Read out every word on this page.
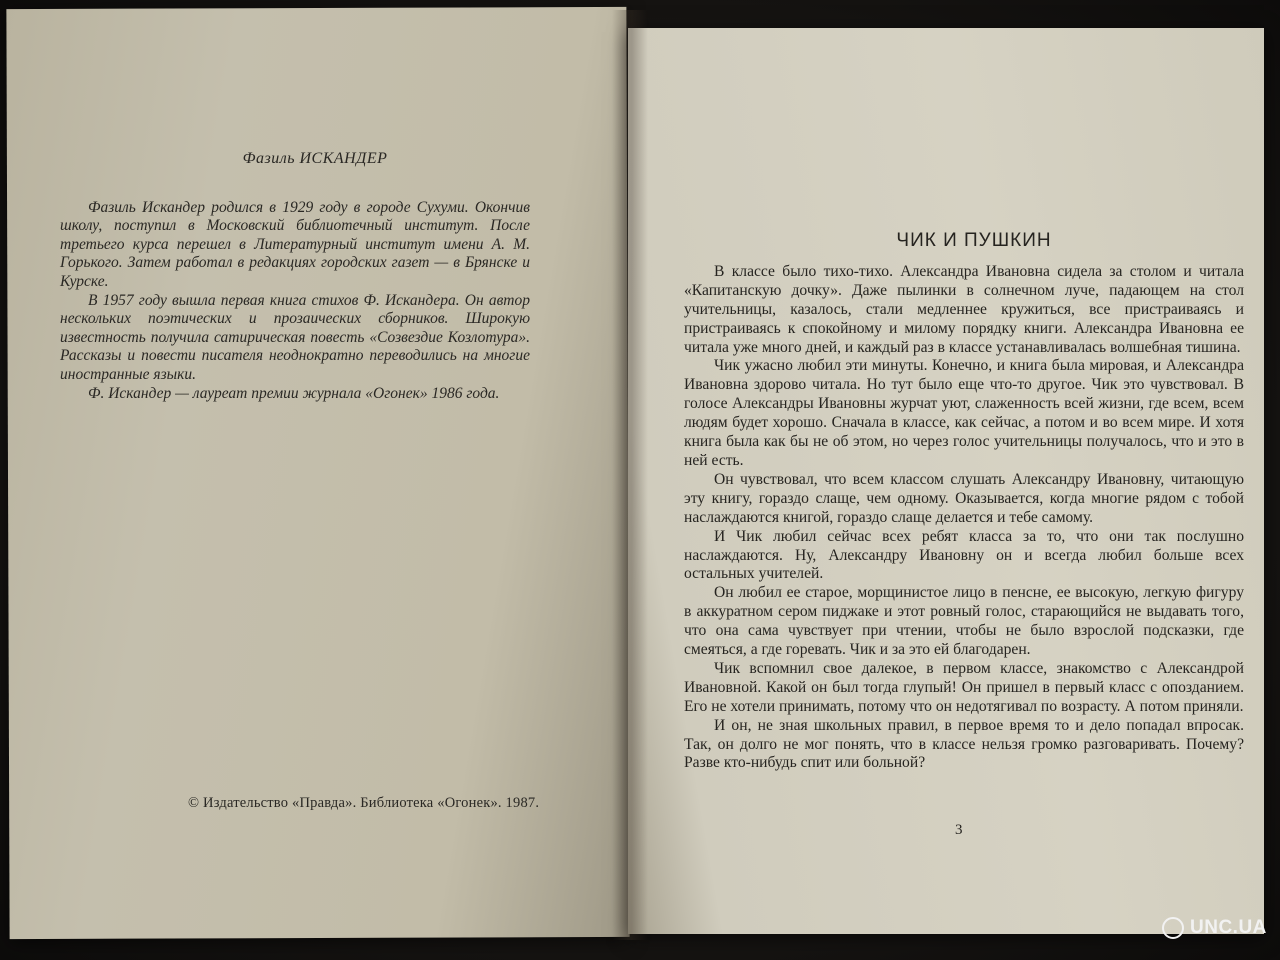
Фазиль ИСКАНДЕР

Фазиль Искандер родился в 1929 году в городе Сухуми. Окончив школу, поступил в Московский библиотечный институт. После третьего курса перешел в Литературный институт имени А. М. Горького. Затем работал в редакциях городских газет — в Брянске и Курске.

В 1957 году вышла первая книга стихов Ф. Искандера. Он автор нескольких поэтических и прозаических сборников. Широкую известность получила сатирическая повесть «Созвездие Козлотура». Рассказы и повести писателя неоднократно переводились на многие иностранные языки.

Ф. Искандер — лауреат премии журнала «Огонек» 1986 года.

© Издательство «Правда». Библиотека «Огонек». 1987.
ЧИК И ПУШКИН

В классе было тихо-тихо. Александра Ивановна сидела за столом и читала «Капитанскую дочку». Даже пылинки в солнечном луче, падающем на стол учительницы, казалось, стали медленнее кружиться, все пристраиваясь и пристраиваясь к спокойному и милому порядку книги. Александра Ивановна ее читала уже много дней, и каждый раз в классе устанавливалась волшебная тишина.

Чик ужасно любил эти минуты. Конечно, и книга была мировая, и Александра Ивановна здорово читала. Но тут было еще что-то другое. Чик это чувствовал. В голосе Александры Ивановны журчат уют, слаженность всей жизни, где всем, всем людям будет хорошо. Сначала в классе, как сейчас, а потом и во всем мире. И хотя книга была как бы не об этом, но через голос учительницы получалось, что и это в ней есть.

Он чувствовал, что всем классом слушать Александру Ивановну, читающую эту книгу, гораздо слаще, чем одному. Оказывается, когда многие рядом с тобой наслаждаются книгой, гораздо слаще делается и тебе самому.

И Чик любил сейчас всех ребят класса за то, что они так послушно наслаждаются. Ну, Александру Ивановну он и всегда любил больше всех остальных учителей.

Он любил ее старое, морщинистое лицо в пенсне, ее высокую, легкую фигуру в аккуратном сером пиджаке и этот ровный голос, старающийся не выдавать того, что она сама чувствует при чтении, чтобы не было взрослой подсказки, где смеяться, а где горевать. Чик и за это ей благодарен.

Чик вспомнил свое далекое, в первом классе, знакомство с Александрой Ивановной. Какой он был тогда глупый! Он пришел в первый класс с опозданием. Его не хотели принимать, потому что он недотягивал по возрасту. А потом приняли.

И он, не зная школьных правил, в первое время то и дело попадал впросак. Так, он долго не мог понять, что в классе нельзя громко разговаривать. Почему? Разве кто-нибудь спит или больной?

3
UNC.UA
